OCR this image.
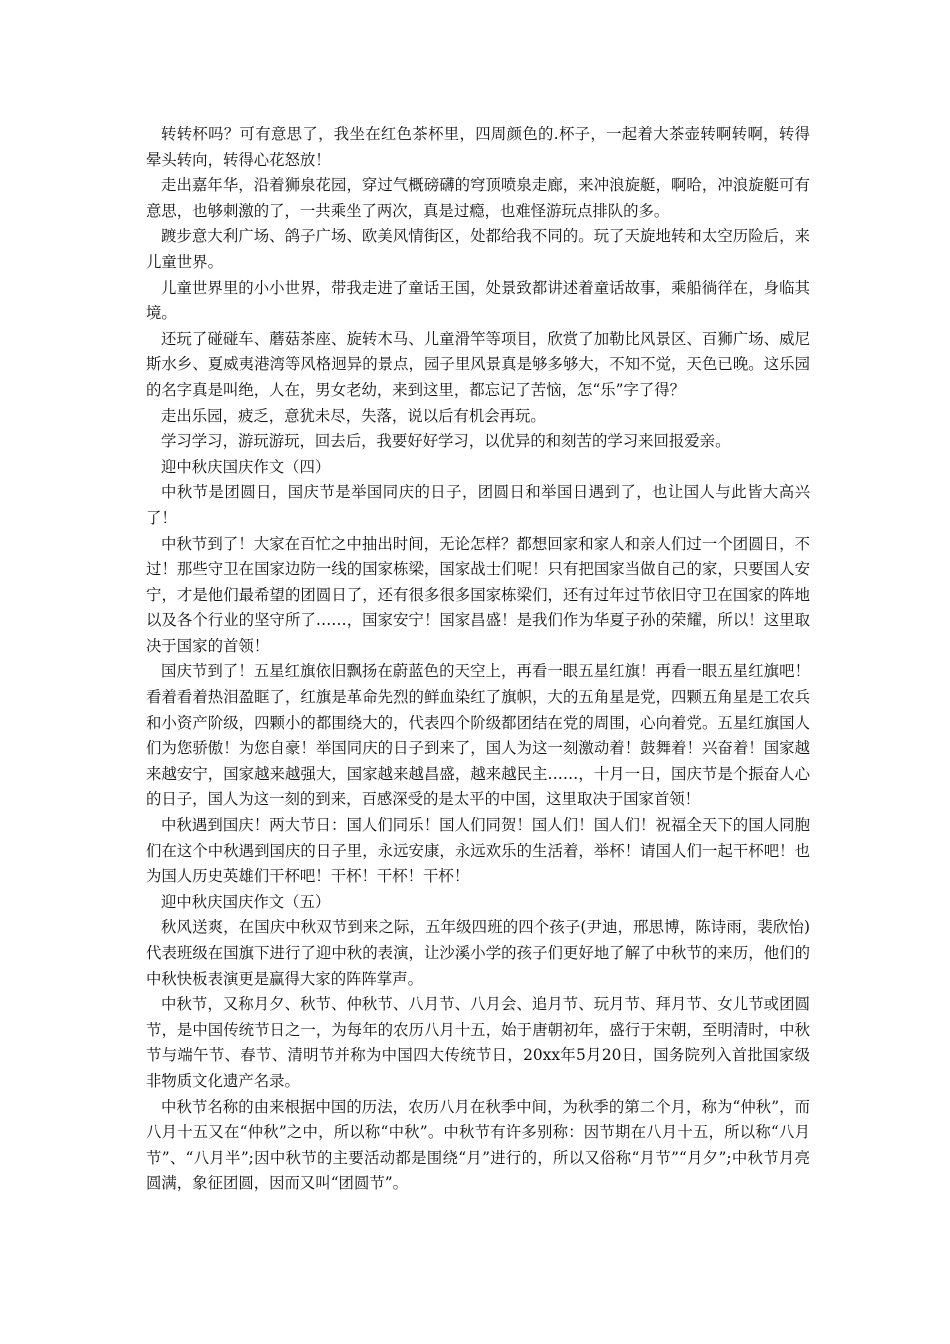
转转杯吗？可有意思了，我坐在红色茶杯里，四周颜色的.杯子，一起着大茶壶转啊转啊，转得晕头转向，转得心花怒放！

走出嘉年华，沿着狮泉花园，穿过气概磅礴的穹顶喷泉走廊，来冲浪旋艇，啊哈，冲浪旋艇可有意思，也够刺激的了，一共乘坐了两次，真是过瘾，也难怪游玩点排队的多。

踱步意大利广场、鸽子广场、欧美风情街区，处都给我不同的。玩了天旋地转和太空历险后，来儿童世界。

儿童世界里的小小世界，带我走进了童话王国，处景致都讲述着童话故事，乘船徜徉在，身临其境。

还玩了碰碰车、蘑菇茶座、旋转木马、儿童滑竿等项目，欣赏了加勒比风景区、百狮广场、威尼斯水乡、夏威夷港湾等风格迥异的景点，园子里风景真是够多够大，不知不觉，天色已晚。这乐园的名字真是叫绝，人在，男女老幼，来到这里，都忘记了苦恼，怎“乐”字了得？

走出乐园，疲乏，意犹未尽，失落，说以后有机会再玩。

学习学习，游玩游玩，回去后，我要好好学习，以优异的和刻苦的学习来回报爱亲。

迎中秋庆国庆作文（四）

中秋节是团圆日，国庆节是举国同庆的日子，团圆日和举国日遇到了，也让国人与此皆大高兴了！

中秋节到了！大家在百忙之中抽出时间，无论怎样？都想回家和家人和亲人们过一个团圆日，不过！那些守卫在国家边防一线的国家栋梁，国家战士们呢！只有把国家当做自己的家，只要国人安宁，才是他们最希望的团圆日了，还有很多很多国家栋梁们，还有过年过节依旧守卫在国家的阵地以及各个行业的坚守所了……，国家安宁！国家昌盛！是我们作为华夏子孙的荣耀，所以！这里取决于国家的首领！

国庆节到了！五星红旗依旧飘扬在蔚蓝色的天空上，再看一眼五星红旗！再看一眼五星红旗吧！看着看着热泪盈眶了，红旗是革命先烈的鲜血染红了旗帜，大的五角星是党，四颗五角星是工农兵和小资产阶级，四颗小的都围绕大的，代表四个阶级都团结在党的周围，心向着党。五星红旗国人们为您骄傲！为您自豪！举国同庆的日子到来了，国人为这一刻激动着！鼓舞着！兴奋着！国家越来越安宁，国家越来越强大，国家越来越昌盛，越来越民主……，十月一日，国庆节是个振奋人心的日子，国人为这一刻的到来，百感深受的是太平的中国，这里取决于国家首领！

中秋遇到国庆！两大节日：国人们同乐！国人们同贺！国人们！国人们！祝福全天下的国人同胞们在这个中秋遇到国庆的日子里，永远安康，永远欢乐的生活着，举杯！请国人们一起干杯吧！也为国人历史英雄们干杯吧！干杯！干杯！干杯！

迎中秋庆国庆作文（五）

秋风送爽，在国庆中秋双节到来之际，五年级四班的四个孩子(尹迪，邢思博，陈诗雨，裴欣怡)代表班级在国旗下进行了迎中秋的表演，让沙溪小学的孩子们更好地了解了中秋节的来历，他们的中秋快板表演更是赢得大家的阵阵掌声。

中秋节，又称月夕、秋节、仲秋节、八月节、八月会、追月节、玩月节、拜月节、女儿节或团圆节，是中国传统节日之一，为每年的农历八月十五，始于唐朝初年，盛行于宋朝，至明清时，中秋节与端午节、春节、清明节并称为中国四大传统节日，20xx年5月20日，国务院列入首批国家级非物质文化遗产名录。

中秋节名称的由来根据中国的历法，农历八月在秋季中间，为秋季的第二个月，称为“仲秋”，而八月十五又在“仲秋”之中，所以称“中秋”。中秋节有许多别称：因节期在八月十五，所以称“八月节”、“八月半”;因中秋节的主要活动都是围绕“月”进行的，所以又俗称“月节”“月夕”;中秋节月亮圆满，象征团圆，因而又叫“团圆节”。
